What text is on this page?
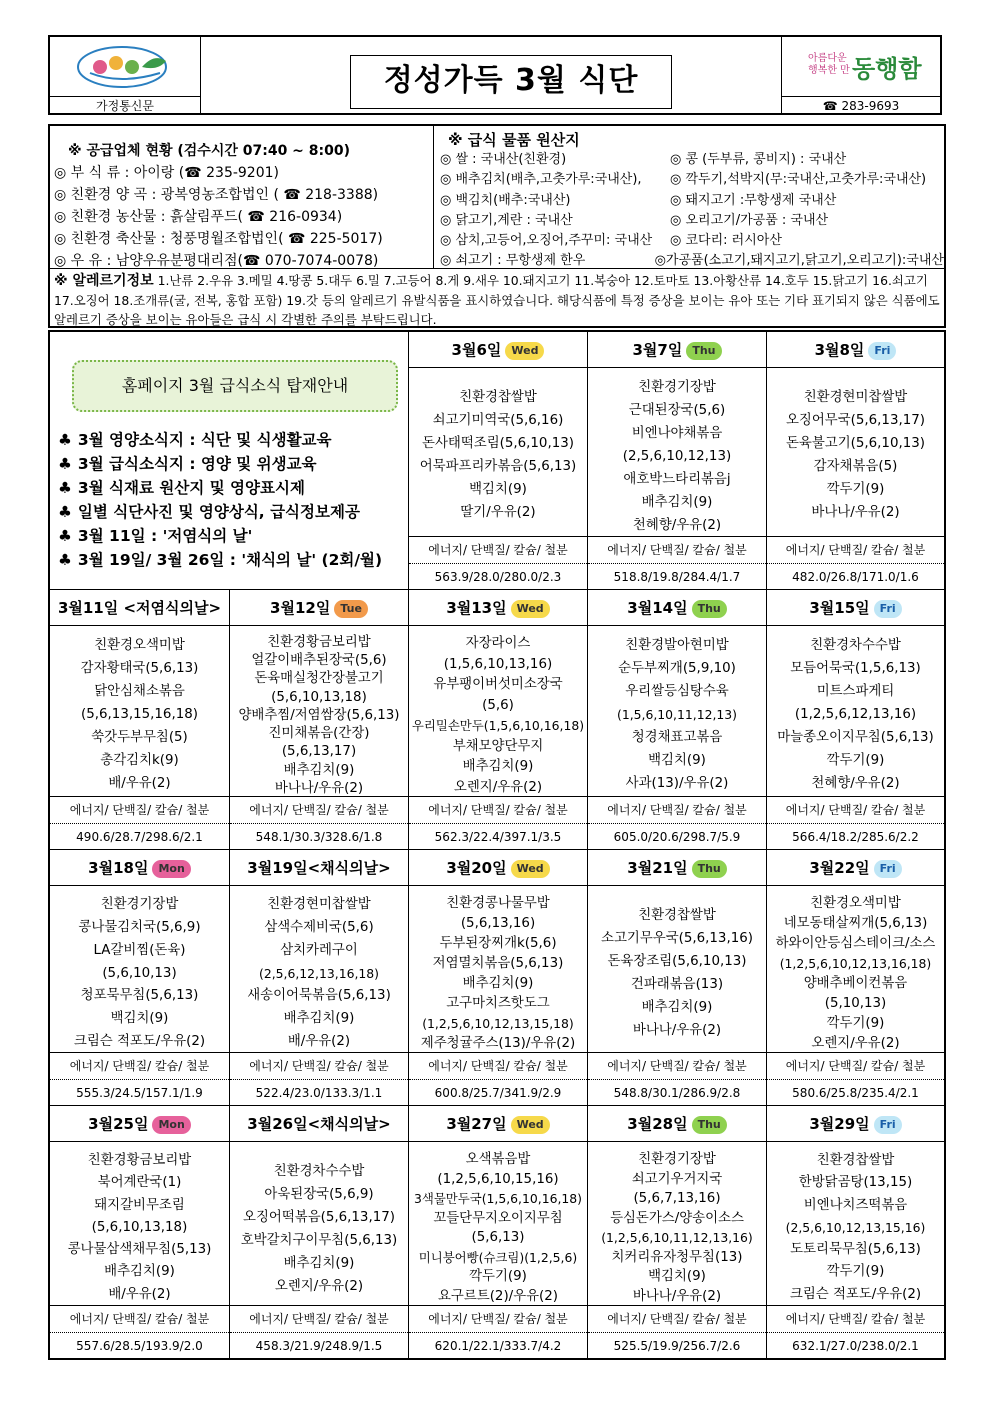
가정통신문
정성가득 3월 식단
아름다운
행복한 만 동행함
☎ 283-9693
※ 공급업체 현황 (검수시간 07:40 ~ 8:00)
◎ 부 식 류 : 아이랑 (☎ 235-9201)
◎ 친환경 양 곡 : 광복영농조합법인 ( ☎ 218-3388)
◎ 친환경 농산물 : 흙살림푸드( ☎ 216-0934)
◎ 친환경 축산물 : 청풍명월조합법인( ☎ 225-5017)
◎ 우 유 : 남양우유분평대리점(☎ 070-7074-0078)
※ 급식 물품 원산지
◎ 쌀 : 국내산(친환경)	◎ 콩 (두부류, 콩비지) : 국내산
◎ 배추김치(배추,고춧가루:국내산),	◎ 깍두기,석박지(무:국내산,고춧가루:국내산)
◎ 백김치(배추:국내산)	◎ 돼지고기 :무항생제 국내산
◎ 닭고기,계란 : 국내산	◎ 오리고기/가공품 : 국내산
◎ 삼치,고등어,오징어,주꾸미: 국내산	◎ 코다리: 러시아산
◎ 쇠고기 : 무항생제 한우	◎가공품(소고기,돼지고기,닭고기,오리고기):국내산
※ 알레르기정보 1.난류 2.우유 3.메밀 4.땅콩 5.대두 6.밀 7.고등어 8.게 9.새우 10.돼지고기 11.복숭아 12.토마토 13.아황산류 14.호두 15.닭고기 16.쇠고기 17.오징어 18.조개류(굴, 전복, 홍합 포함) 19.갓 등의 알레르기 유발식품을 표시하였습니다. 해당식품에 특정 증상을 보이는 유아 또는 기타 표기되지 않은 식품에도 알레르기 증상을 보이는 유아들은 급식 시 각별한 주의를 부탁드립니다.
홈페이지 3월 급식소식 탑재안내
♣ 3월 영양소식지 : 식단 및 식생활교육
♣ 3월 급식소식지 : 영양 및 위생교육
♣ 3월 식재료 원산지 및 영양표시제
♣ 일별 식단사진 및 영양상식, 급식정보제공
♣ 3월 11일 : '저염식의 날'
♣ 3월 19일/ 3월 26일 : '채식의 날' (2회/월)
3월6일 Wed
친환경찹쌀밥
쇠고기미역국(5,6,16)
돈사태떡조림(5,6,10,13)
어묵파프리카볶음(5,6,13)
백김치(9)
딸기/우유(2)
에너지/ 단백질/ 칼슘/ 철분
563.9/28.0/280.0/2.3
3월7일 Thu
친환경기장밥
근대된장국(5,6)
비엔나야채볶음
(2,5,6,10,12,13)
애호박느타리볶음j
배추김치(9)
천혜향/우유(2)
에너지/ 단백질/ 칼슘/ 철분
518.8/19.8/284.4/1.7
3월8일 Fri
친환경현미찹쌀밥
오징어무국(5,6,13,17)
돈육불고기(5,6,10,13)
감자채볶음(5)
깍두기(9)
바나나/우유(2)
에너지/ 단백질/ 칼슘/ 철분
482.0/26.8/171.0/1.6
3월11일 <저염식의날>
친환경오색미밥
감자황태국(5,6,13)
닭안심채소볶음
(5,6,13,15,16,18)
쑥갓두부무침(5)
총각김치k(9)
배/우유(2)
에너지/ 단백질/ 칼슘/ 철분
490.6/28.7/298.6/2.1
3월12일 Tue
친환경황금보리밥
얼갈이배추된장국(5,6)
돈육매실청간장불고기
(5,6,10,13,18)
양배추찜/저염쌈장(5,6,13)
진미채볶음(간장)
(5,6,13,17)
배추김치(9)
바나나/우유(2)
에너지/ 단백질/ 칼슘/ 철분
548.1/30.3/328.6/1.8
3월13일 Wed
자장라이스
(1,5,6,10,13,16)
유부팽이버섯미소장국
(5,6)
우리밀손만두(1,5,6,10,16,18)
부채모양단무지
배추김치(9)
오렌지/우유(2)
에너지/ 단백질/ 칼슘/ 철분
562.3/22.4/397.1/3.5
3월14일 Thu
친환경발아현미밥
순두부찌개(5,9,10)
우리쌀등심탕수육
(1,5,6,10,11,12,13)
청경채표고볶음
백김치(9)
사과(13)/우유(2)
에너지/ 단백질/ 칼슘/ 철분
605.0/20.6/298.7/5.9
3월15일 Fri
친환경차수수밥
모듬어묵국(1,5,6,13)
미트스파게티
(1,2,5,6,12,13,16)
마늘종오이지무침(5,6,13)
깍두기(9)
천혜향/우유(2)
에너지/ 단백질/ 칼슘/ 철분
566.4/18.2/285.6/2.2
3월18일 Mon
친환경기장밥
콩나물김치국(5,6,9)
LA갈비찜(돈육)
(5,6,10,13)
청포묵무침(5,6,13)
백김치(9)
크림슨 적포도/우유(2)
에너지/ 단백질/ 칼슘/ 철분
555.3/24.5/157.1/1.9
3월19일<채식의날>
친환경현미찹쌀밥
삼색수제비국(5,6)
삼치카레구이
(2,5,6,12,13,16,18)
새송이어묵볶음(5,6,13)
배추김치(9)
배/우유(2)
에너지/ 단백질/ 칼슘/ 철분
522.4/23.0/133.3/1.1
3월20일 Wed
친환경콩나물무밥
(5,6,13,16)
두부된장찌개k(5,6)
저염멸치볶음(5,6,13)
배추김치(9)
고구마치즈핫도그
(1,2,5,6,10,12,13,15,18)
제주청귤주스(13)/우유(2)
에너지/ 단백질/ 칼슘/ 철분
600.8/25.7/341.9/2.9
3월21일 Thu
친환경찹쌀밥
소고기무우국(5,6,13,16)
돈육장조림(5,6,10,13)
건파래볶음(13)
배추김치(9)
바나나/우유(2)
에너지/ 단백질/ 칼슘/ 철분
548.8/30.1/286.9/2.8
3월22일 Fri
친환경오색미밥
네모동태살찌개(5,6,13)
하와이안등심스테이크/소스
(1,2,5,6,10,12,13,16,18)
양배추베이컨볶음
(5,10,13)
깍두기(9)
오렌지/우유(2)
에너지/ 단백질/ 칼슘/ 철분
580.6/25.8/235.4/2.1
3월25일 Mon
친환경황금보리밥
북어계란국(1)
돼지갈비무조림
(5,6,10,13,18)
콩나물삼색채무침(5,13)
배추김치(9)
배/우유(2)
에너지/ 단백질/ 칼슘/ 철분
557.6/28.5/193.9/2.0
3월26일<채식의날>
친환경차수수밥
아욱된장국(5,6,9)
오징어떡볶음(5,6,13,17)
호박갈치구이무침(5,6,13)
배추김치(9)
오렌지/우유(2)
에너지/ 단백질/ 칼슘/ 철분
458.3/21.9/248.9/1.5
3월27일 Wed
오색볶음밥
(1,2,5,6,10,15,16)
3색물만두국(1,5,6,10,16,18)
꼬들단무지오이지무침
(5,6,13)
미니붕어빵(슈크림)(1,2,5,6)
깍두기(9)
요구르트(2)/우유(2)
에너지/ 단백질/ 칼슘/ 철분
620.1/22.1/333.7/4.2
3월28일 Thu
친환경기장밥
쇠고기우거지국
(5,6,7,13,16)
등심돈가스/양송이소스
(1,2,5,6,10,11,12,13,16)
치커리유자청무침(13)
백김치(9)
바나나/우유(2)
에너지/ 단백질/ 칼슘/ 철분
525.5/19.9/256.7/2.6
3월29일 Fri
친환경찹쌀밥
한방닭곰탕(13,15)
비엔나치즈떡볶음
(2,5,6,10,12,13,15,16)
도토리묵무침(5,6,13)
깍두기(9)
크림슨 적포도/우유(2)
에너지/ 단백질/ 칼슘/ 철분
632.1/27.0/238.0/2.1
